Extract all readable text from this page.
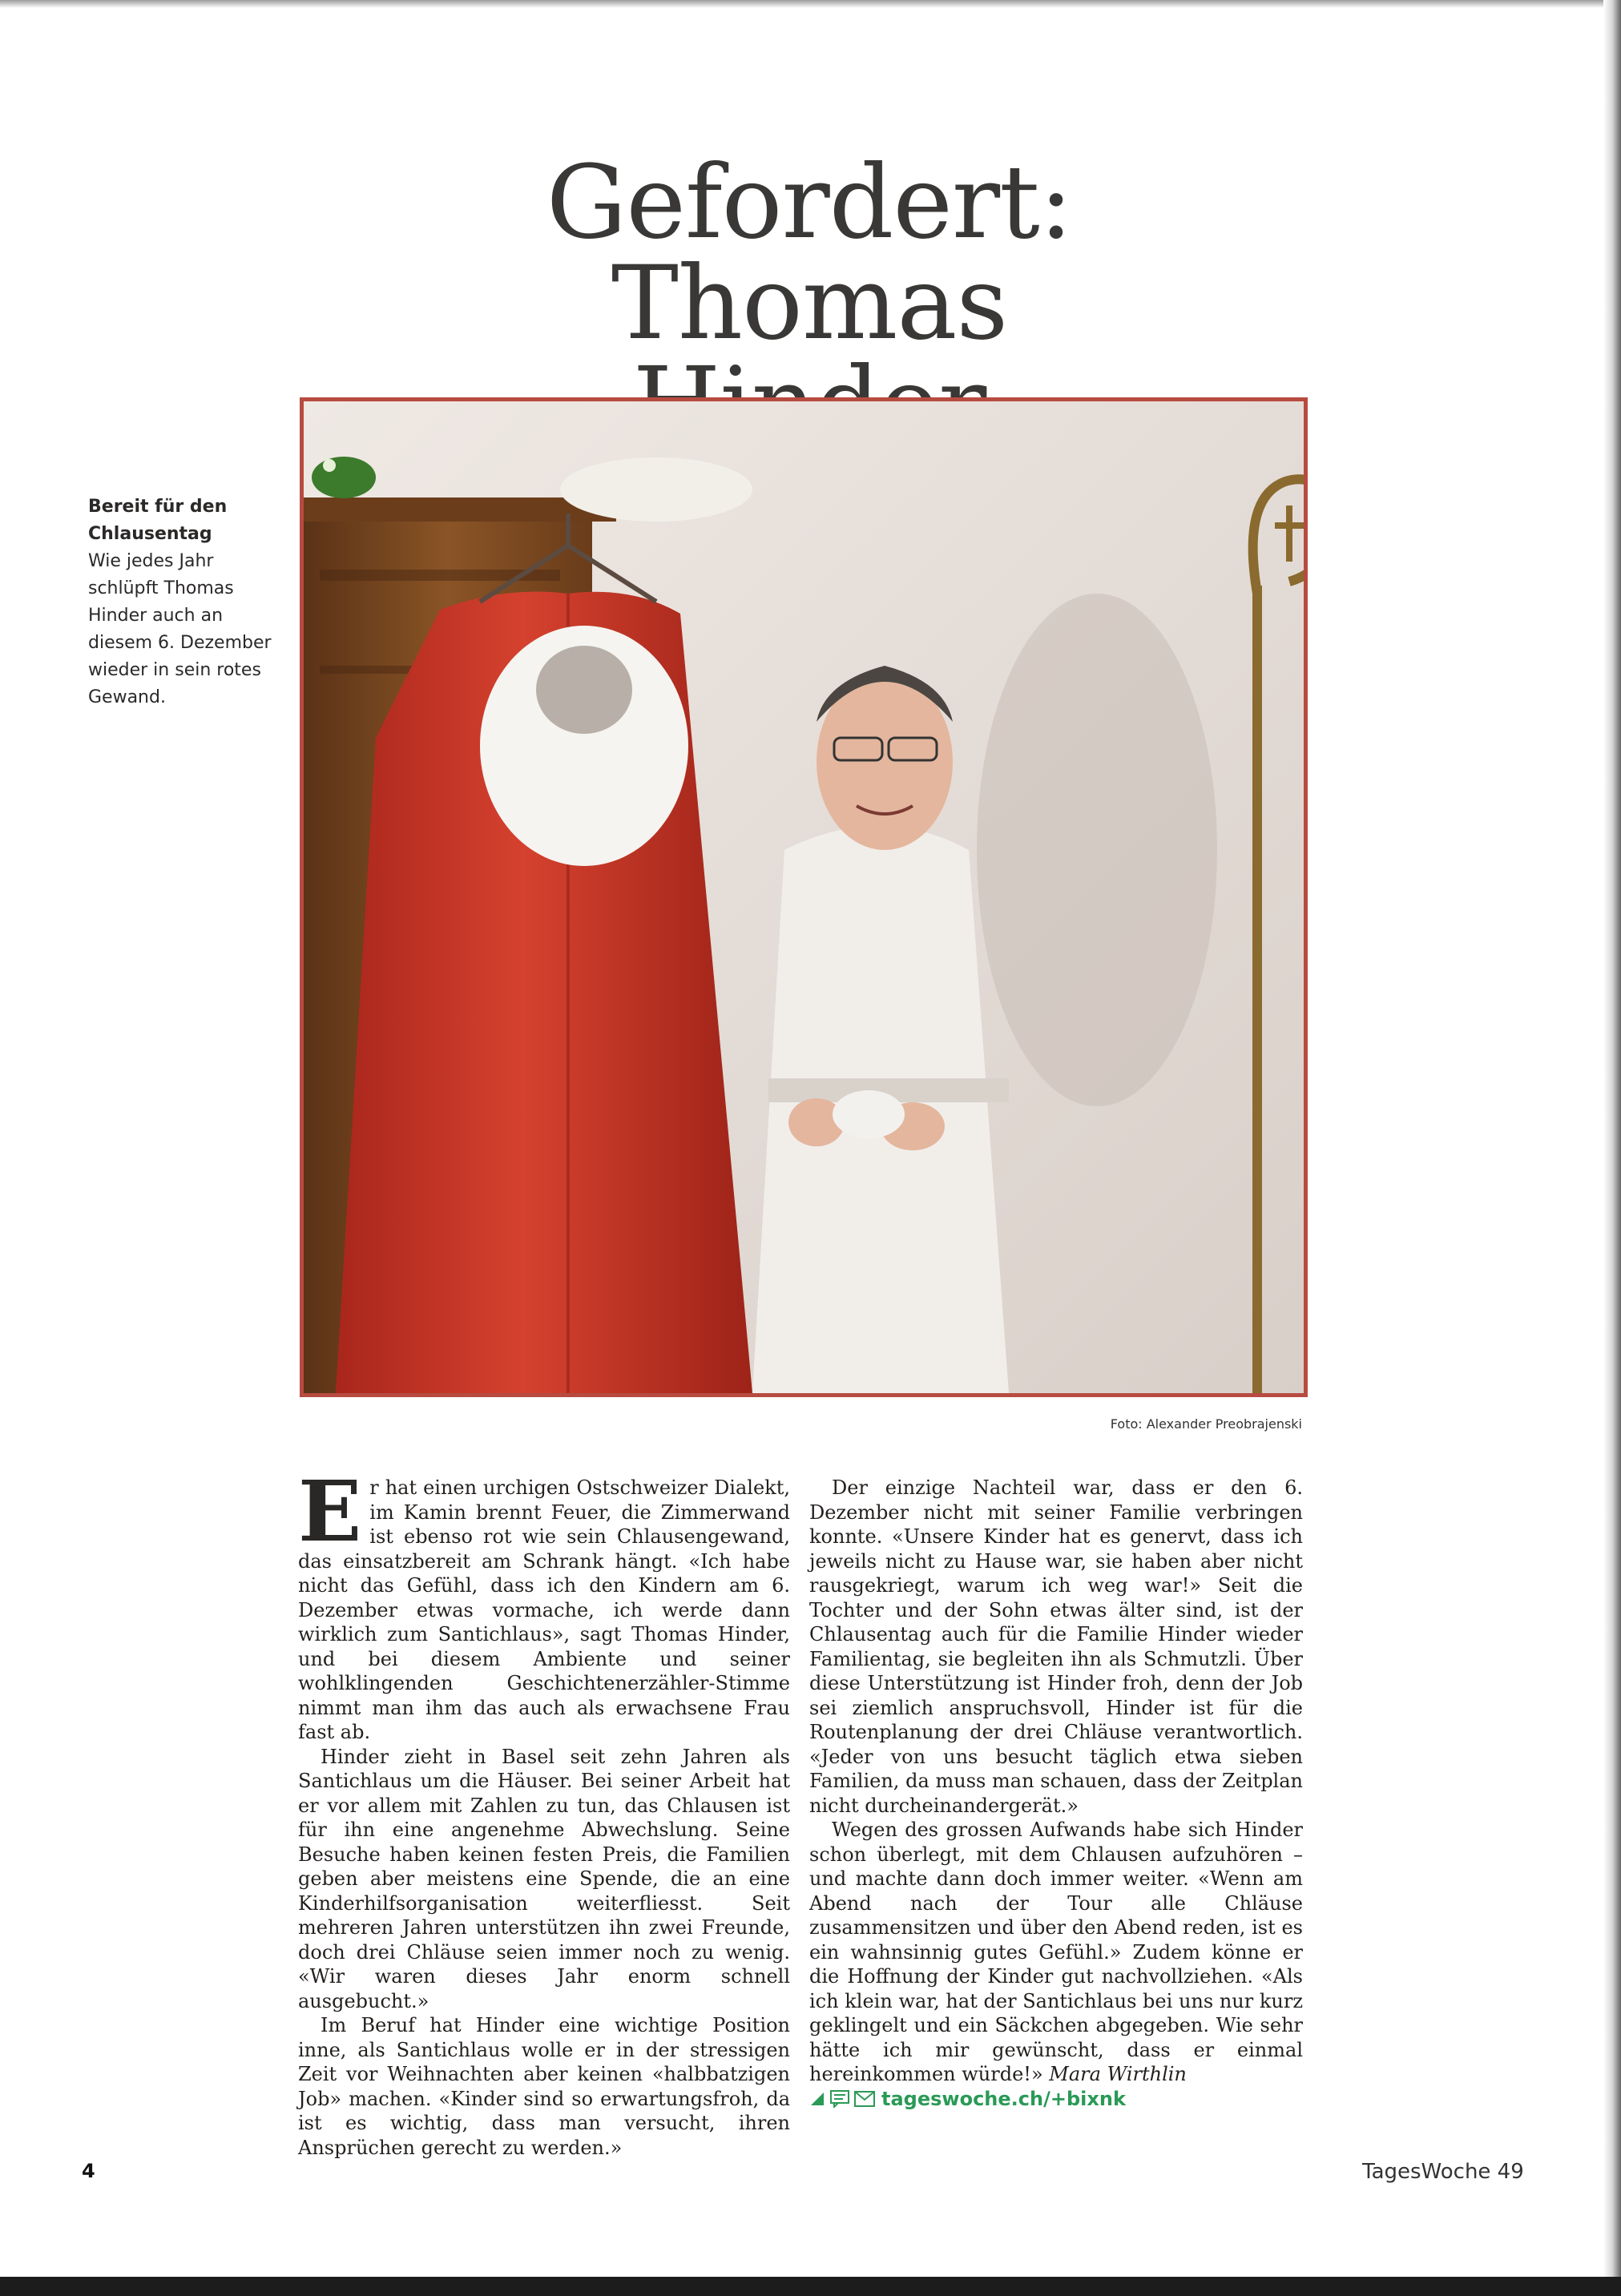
Gefordert:
Thomas
Bereit für den Chlausentag
Wie jedes Jahr schlüpft Thomas Hinder auch an diesem 6. Dezember wieder in sein rotes Gewand.
Foto: Alexander Preobrajenski

Er hat einen urchigen Ostschweizer Dialekt, im Kamin brennt Feuer, die Zimmerwand ist ebenso rot wie sein Chlausengewand, das einsatzbereit am Schrank hängt. «Ich habe nicht das Gefühl, dass ich den Kindern am 6. Dezember etwas vormache, ich werde dann wirklich zum Santichlaus», sagt Thomas Hinder, und bei diesem Ambiente und seiner wohlklingenden Geschichtenerzähler-Stimme nimmt man ihm das auch als erwachsene Frau fast ab.

Hinder zieht in Basel seit zehn Jahren als Santichlaus um die Häuser. Bei seiner Arbeit hat er vor allem mit Zahlen zu tun, das Chlausen ist für ihn eine angenehme Abwechslung. Seine Besuche haben keinen festen Preis, die Familien geben aber meistens eine Spende, die an eine Kinderhilfsorganisation weiterfliesst. Seit mehreren Jahren unterstützen ihn zwei Freunde, doch drei Chläuse seien immer noch zu wenig. «Wir waren dieses Jahr enorm schnell ausgebucht.»

Im Beruf hat Hinder eine wichtige Position inne, als Santichlaus wolle er in der stressigen Zeit vor Weihnachten aber keinen «halbbatzigen Job» machen. «Kinder sind so erwartungsfroh, da ist es wichtig, dass man versucht, ihren Ansprüchen gerecht zu werden.»

Der einzige Nachteil war, dass er den 6. Dezember nicht mit seiner Familie verbringen konnte. «Unsere Kinder hat es genervt, dass ich jeweils nicht zu Hause war, sie haben aber nicht rausgekriegt, warum ich weg war!» Seit die Tochter und der Sohn etwas älter sind, ist der Chlausentag auch für die Familie Hinder wieder Familientag, sie begleiten ihn als Schmutzli. Über diese Unterstützung ist Hinder froh, denn der Job sei ziemlich anspruchsvoll, Hinder ist für die Routenplanung der drei Chläuse verantwortlich. «Jeder von uns besucht täglich etwa sieben Familien, da muss man schauen, dass der Zeitplan nicht durcheinandergerät.»

Wegen des grossen Aufwands habe sich Hinder schon überlegt, mit dem Chlausen aufzuhören – und machte dann doch immer weiter. «Wenn am Abend nach der Tour alle Chläuse zusammensitzen und über den Abend reden, ist es ein wahnsinnig gutes Gefühl.» Zudem könne er die Hoffnung der Kinder gut nachvollziehen. «Als ich klein war, hat der Santichlaus bei uns nur kurz geklingelt und ein Säckchen abgegeben. Wie sehr hätte ich mir gewünscht, dass er einmal hereinkommen würde!» Mara Wirthlin

tageswoche.ch/+bixnk
4	TagesWoche 49
